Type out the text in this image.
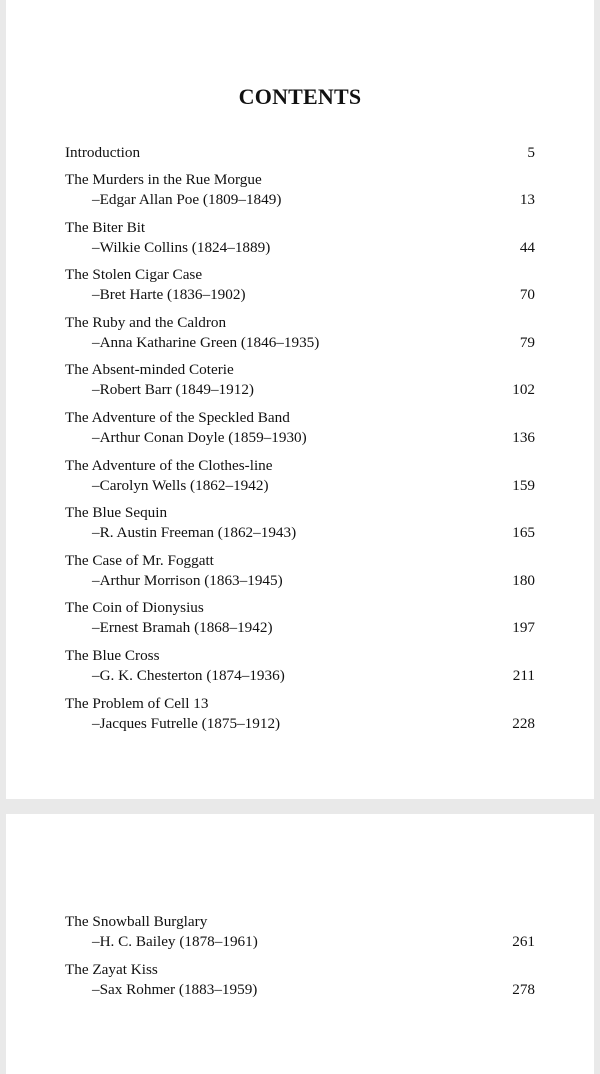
CONTENTS
Introduction	5
The Murders in the Rue Morgue
–Edgar Allan Poe (1809–1849)	13
The Biter Bit
–Wilkie Collins (1824–1889)	44
The Stolen Cigar Case
–Bret Harte (1836–1902)	70
The Ruby and the Caldron
–Anna Katharine Green (1846–1935)	79
The Absent-minded Coterie
–Robert Barr (1849–1912)	102
The Adventure of the Speckled Band
–Arthur Conan Doyle (1859–1930)	136
The Adventure of the Clothes-line
–Carolyn Wells (1862–1942)	159
The Blue Sequin
–R. Austin Freeman (1862–1943)	165
The Case of Mr. Foggatt
–Arthur Morrison (1863–1945)	180
The Coin of Dionysius
–Ernest Bramah (1868–1942)	197
The Blue Cross
–G. K. Chesterton (1874–1936)	211
The Problem of Cell 13
–Jacques Futrelle (1875–1912)	228
The Snowball Burglary
–H. C. Bailey (1878–1961)	261
The Zayat Kiss
–Sax Rohmer (1883–1959)	278
